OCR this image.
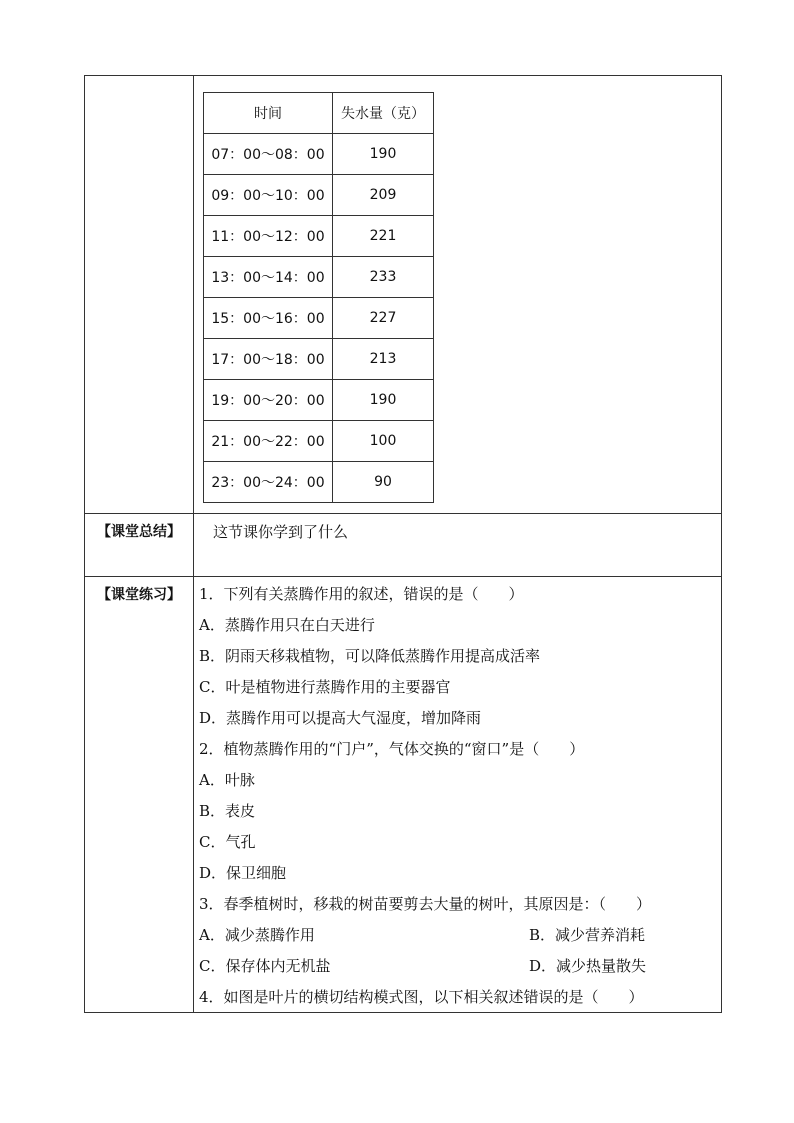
时间	失水量（克）
07：00～08：00	190
09：00～10：00	209
11：00～12：00	221
13：00～14：00	233
15：00～16：00	227
17：00～18：00	213
19：00～20：00	190
21：00～22：00	100
23：00～24：00	90
【课堂总结】	这节课你学到了什么
【课堂练习】	1．下列有关蒸腾作用的叙述，错误的是（　　）
A．蒸腾作用只在白天进行
B．阴雨天移栽植物，可以降低蒸腾作用提高成活率
C．叶是植物进行蒸腾作用的主要器官
D．蒸腾作用可以提高大气湿度，增加降雨
2．植物蒸腾作用的“门户”，气体交换的“窗口”是（　　）
A．叶脉
B．表皮
C．气孔
D．保卫细胞
3．春季植树时，移栽的树苗要剪去大量的树叶，其原因是：（　　）
A．减少蒸腾作用	B．减少营养消耗
C．保存体内无机盐	D．减少热量散失
4．如图是叶片的横切结构模式图，以下相关叙述错误的是（　　）
